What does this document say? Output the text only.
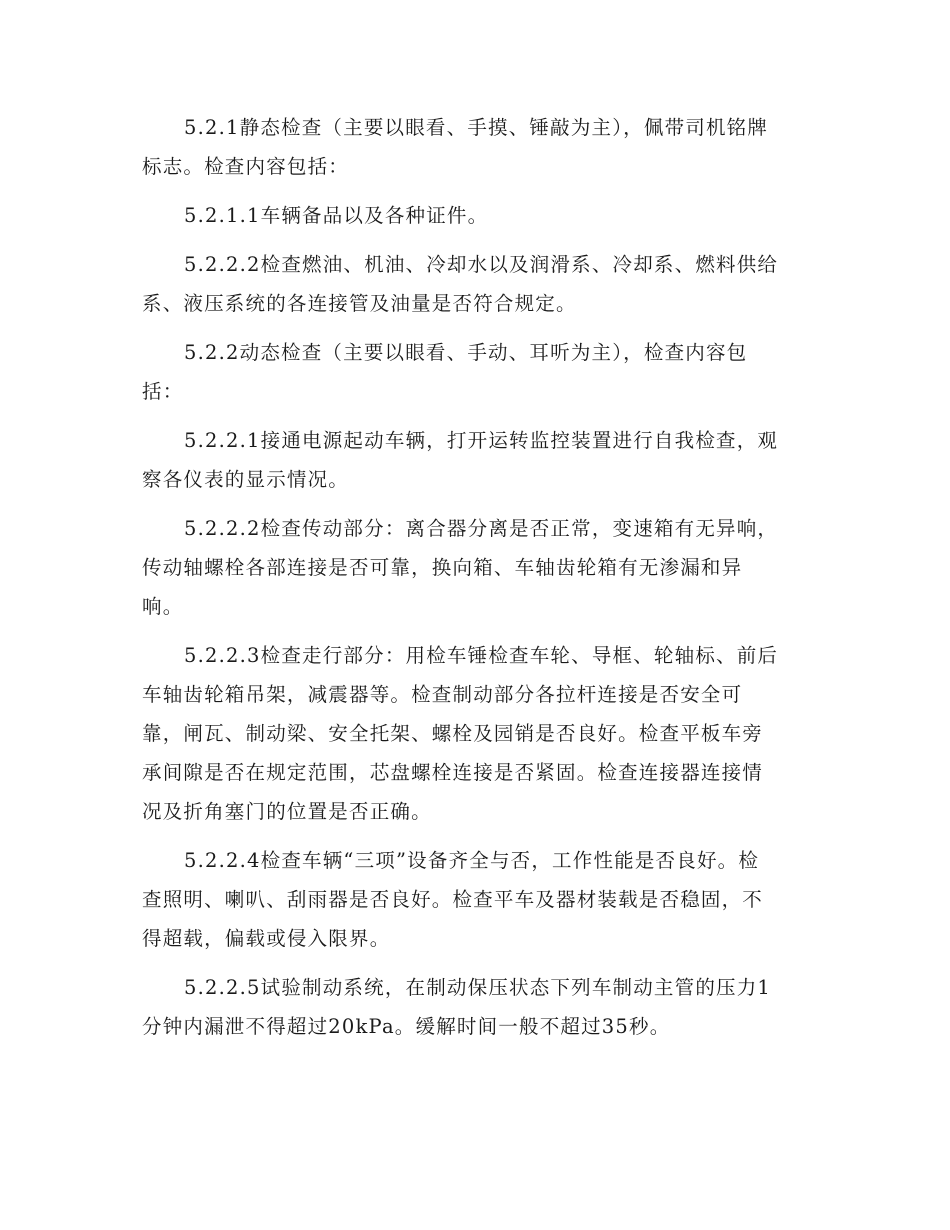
5.2.1静态检查（主要以眼看、手摸、锤敲为主），佩带司机铭牌
标志。检查内容包括：

5.2.1.1车辆备品以及各种证件。

5.2.2.2检查燃油、机油、冷却水以及润滑系、冷却系、燃料供给
系、液压系统的各连接管及油量是否符合规定。

5.2.2动态检查（主要以眼看、手动、耳听为主），检查内容包
括：

5.2.2.1接通电源起动车辆，打开运转监控装置进行自我检查，观
察各仪表的显示情况。

5.2.2.2检查传动部分：离合器分离是否正常，变速箱有无异响，
传动轴螺栓各部连接是否可靠，换向箱、车轴齿轮箱有无渗漏和异
响。

5.2.2.3检查走行部分：用检车锤检查车轮、导框、轮轴标、前后
车轴齿轮箱吊架，减震器等。检查制动部分各拉杆连接是否安全可
靠，闸瓦、制动梁、安全托架、螺栓及园销是否良好。检查平板车旁
承间隙是否在规定范围，芯盘螺栓连接是否紧固。检查连接器连接情
况及折角塞门的位置是否正确。

5.2.2.4检查车辆“三项”设备齐全与否，工作性能是否良好。检
查照明、喇叭、刮雨器是否良好。检查平车及器材装载是否稳固，不
得超载，偏载或侵入限界。

5.2.2.5试验制动系统，在制动保压状态下列车制动主管的压力1
分钟内漏泄不得超过20kPa。缓解时间一般不超过35秒。
